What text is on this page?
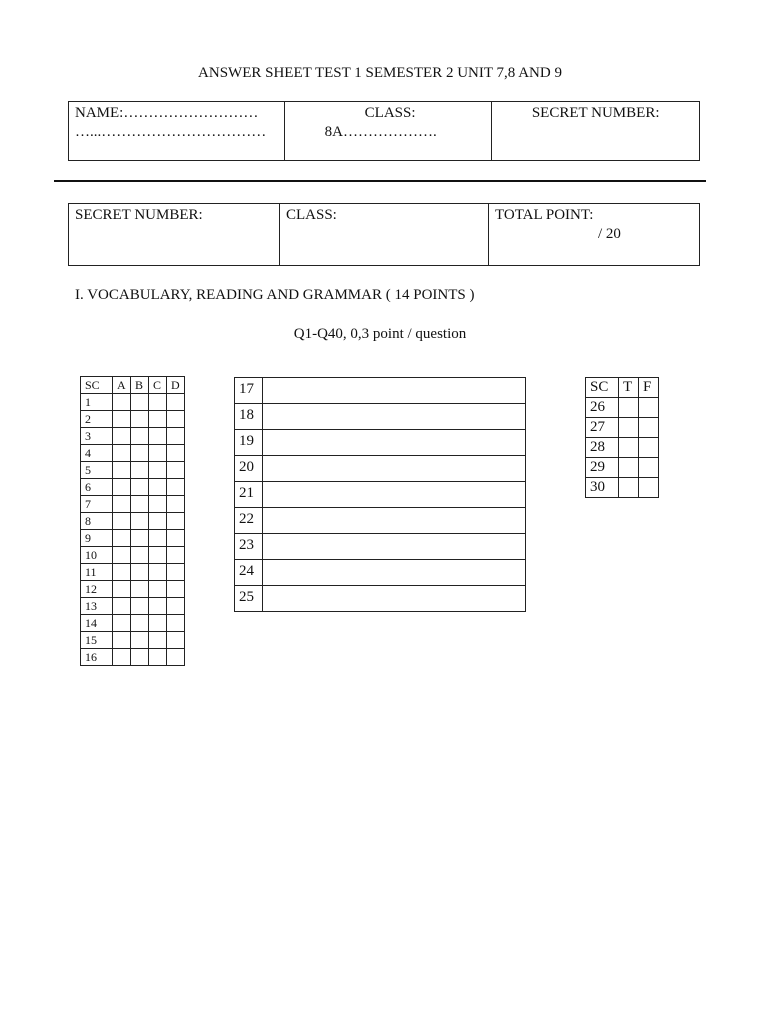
ANSWER SHEET TEST 1 SEMESTER 2 UNIT 7,8 AND 9
NAME:………………………
…...……………………………

CLASS:
8A……………….

SECRET NUMBER:
SECRET NUMBER:	CLASS:	TOTAL POINT:
/ 20
I. VOCABULARY, READING AND GRAMMAR ( 14 POINTS )
Q1-Q40, 0,3 point / question
SC	A	B	C	D
1				
2				
3				
4				
5				
6				
7				
8				
9				
10				
11				
12				
13				
14				
15				
16				
17	
18	
19	
20	
21	
22	
23	
24	
25	
SC	T	F
26		
27		
28		
29		
30		
